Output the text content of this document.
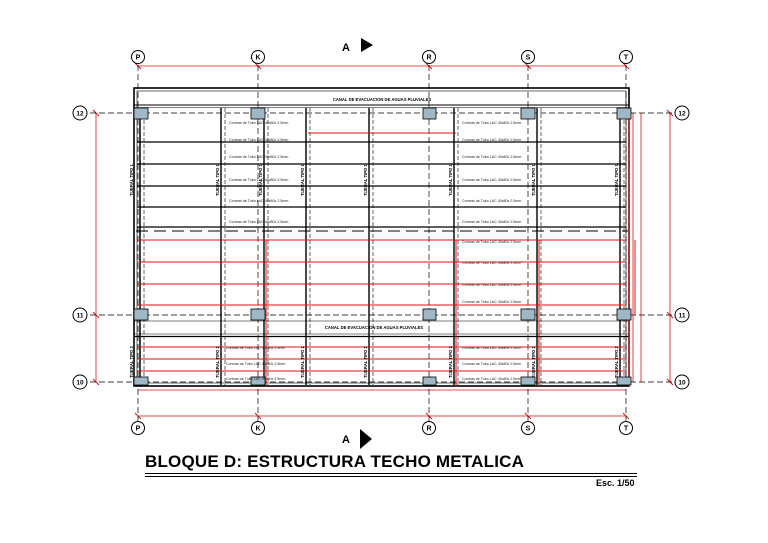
A
A
CANAL DE EVACUACION DE AGUAS PLUVIALES
CANAL DE EVACUACION DE AGUAS PLUVIALES
Correas de Tubo LAC 40x80x 2.5mm
Correas de Tubo LAC 40x80x 2.5mm
Correas de Tubo LAC 40x80x 2.5mm
Correas de Tubo LAC 40x80x 2.5mm
Correas de Tubo LAC 40x80x 2.5mm
Correas de Tubo LAC 40x80x 2.5mm
Correas de Tubo LAC 40x80x 2.5mm
Correas de Tubo LAC 40x80x 2.5mm
Correas de Tubo LAC 40x80x 2.5mm
Correas de Tubo LAC 40x80x 2.5mm
Correas de Tubo LAC 40x80x 2.5mm
Correas de Tubo LAC 40x80x 2.5mm
Correas de Tubo LAC 40x80x 2.5mm
Correas de Tubo LAC 40x80x 2.5mm
Correas de Tubo LAC 40x80x 2.5mm
Correas de Tubo LAC 40x80x 2.5mm
Correas de Tubo LAC 40x80x 2.5mm
Correas de Tubo LAC 40x80x 2.5mm
Correas de Tubo LAC 40x80x 2.5mm
Correas de Tubo LAC 40x80x 2.5mm
Correas de Tubo LAC 40x80x 2.5mm
Correas de Tubo LAC 40x80x 2.5mm
TIJERAL TIPO 1	TIJERAL TIPO 1	TIJERAL TIPO 1	TIJERAL TIPO 1	TIJERAL TIPO 1	TIJERAL TIPO 1	TIJERAL TIPO 1	TIJERAL TIPO 1
TIJERAL TIPO 3	TIJERAL TIPO 2	TIJERAL TIPO 2	TIJERAL TIPO 2	TIJERAL TIPO 2	TIJERAL TIPO 2	TIJERAL TIPO 2
P	K	R	S	T
P	K	R	S	T
12
11
10
12
11
10
BLOQUE D: ESTRUCTURA TECHO METALICA
Esc. 1/50
